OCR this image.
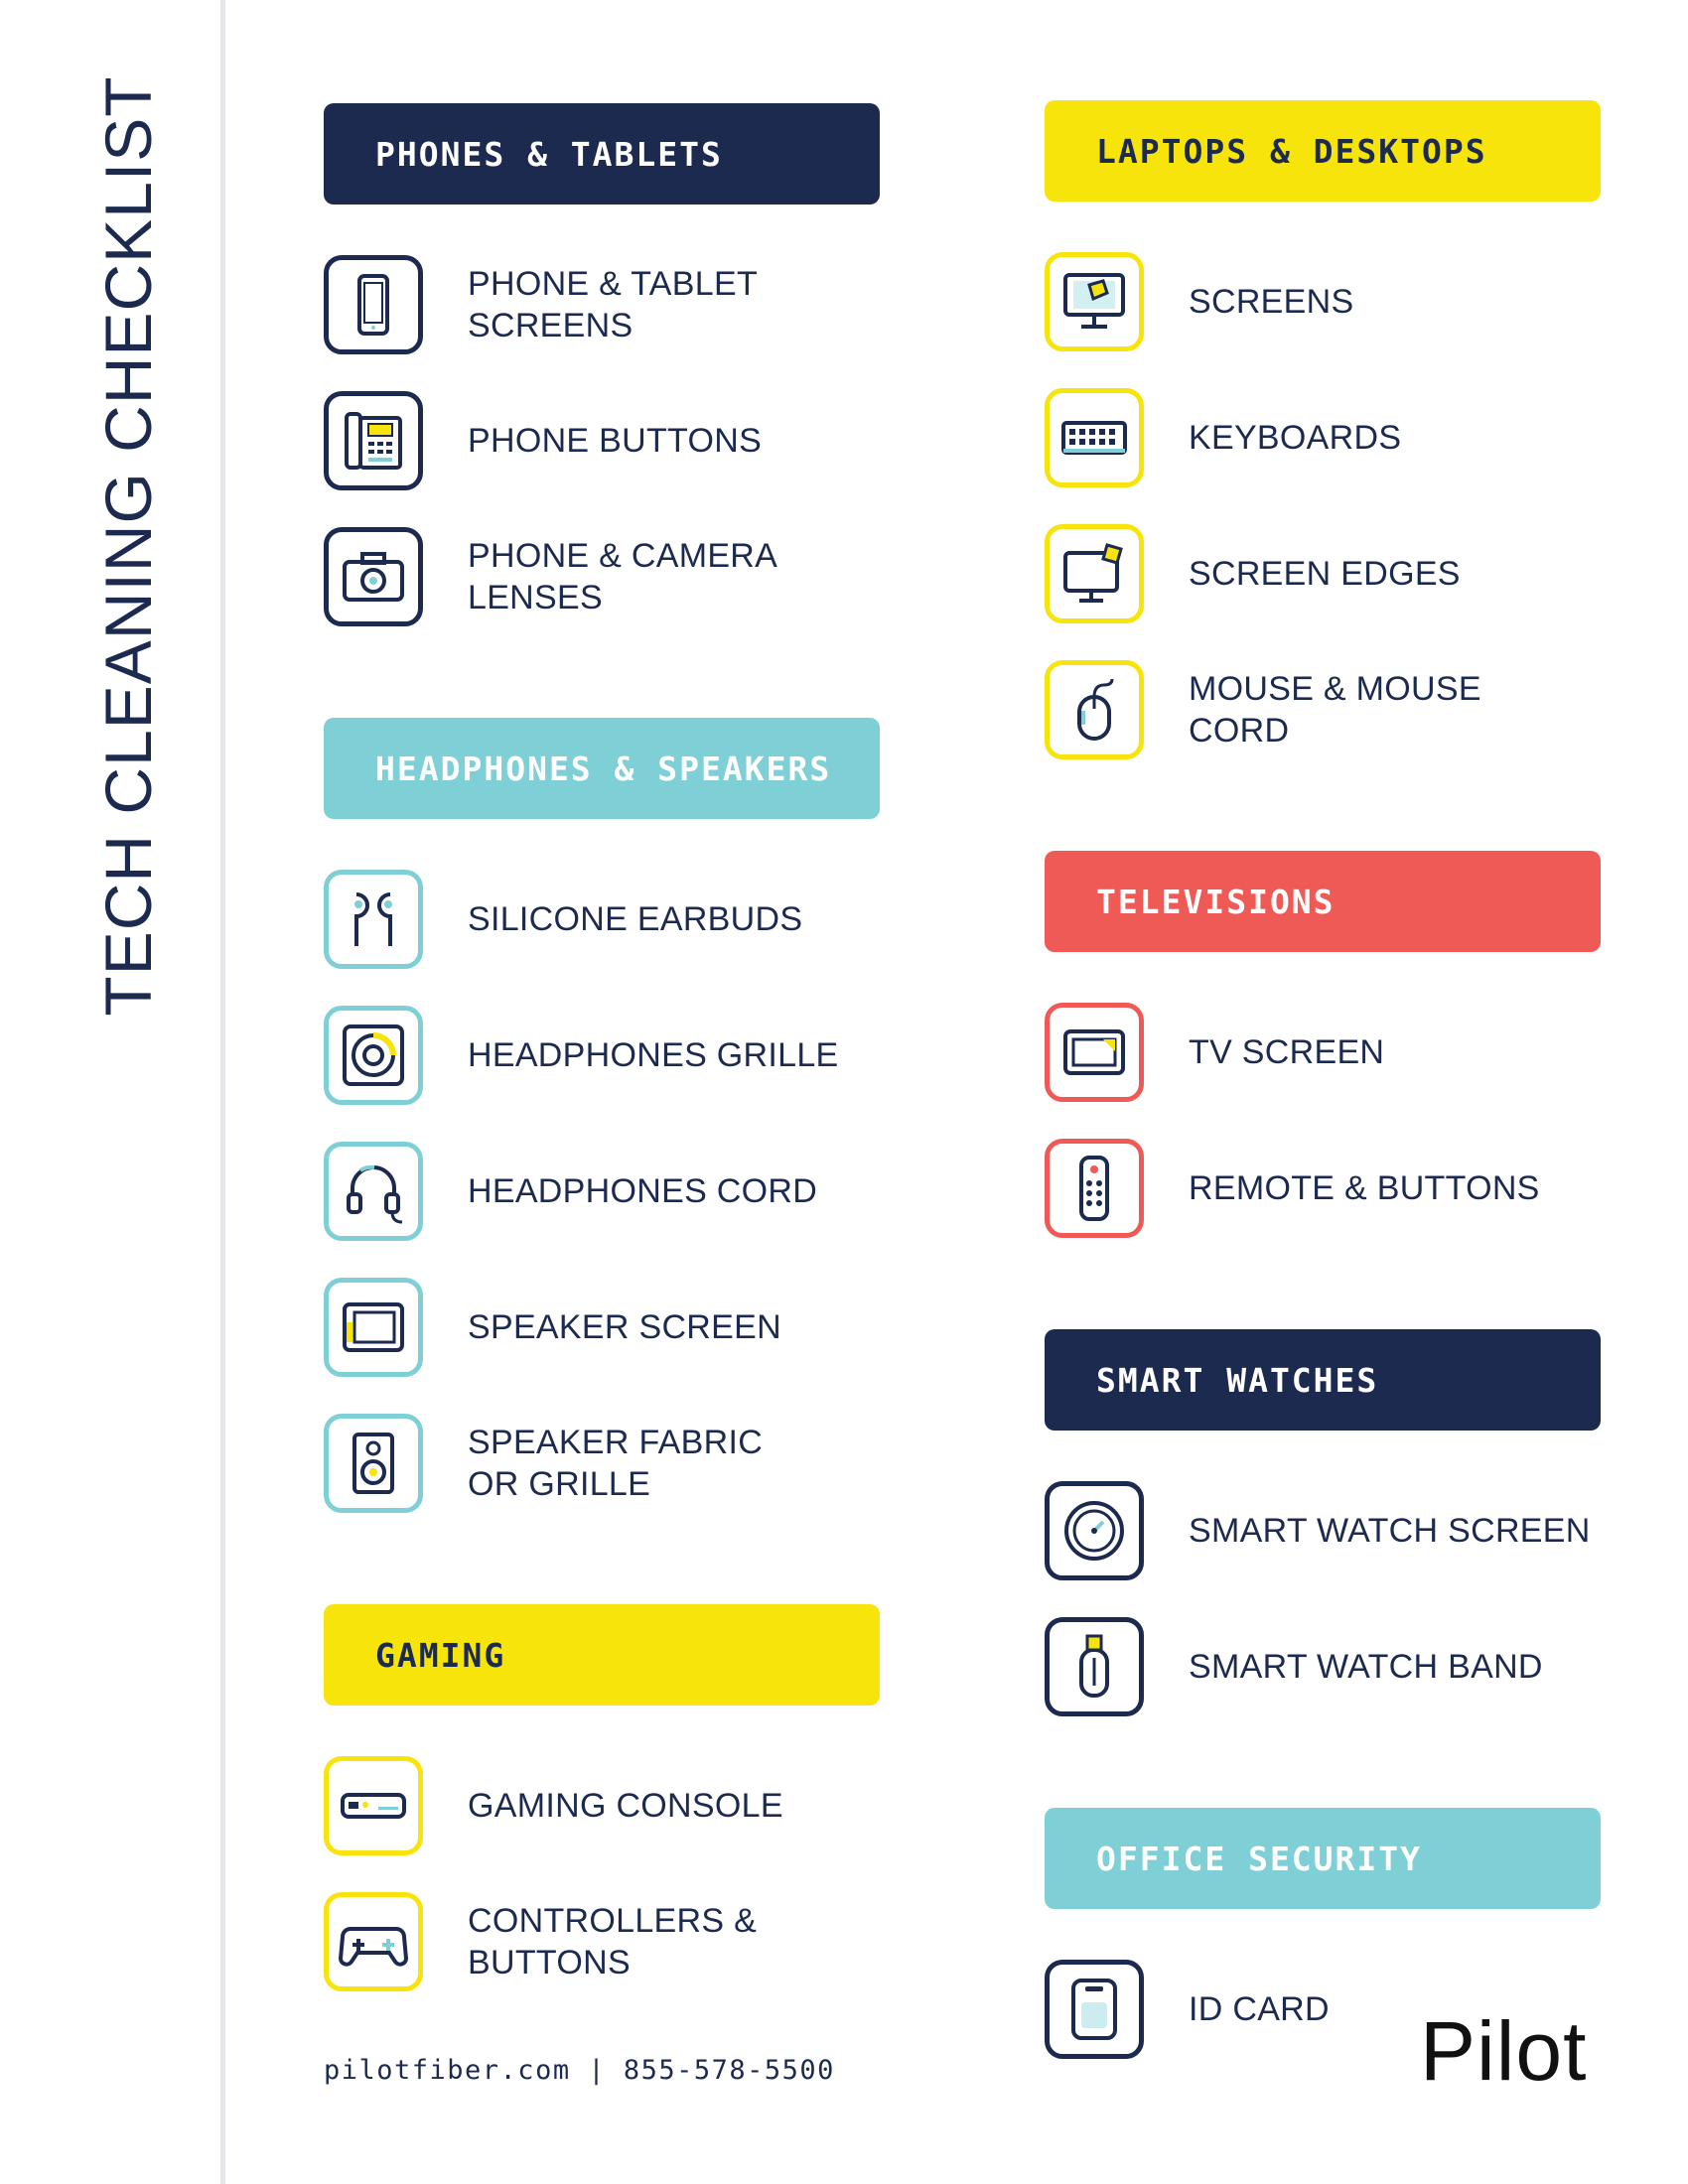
TECH CLEANING CHECKLIST	PHONES & TABLETS
PHONE & TABLET
SCREENS
PHONE BUTTONS
PHONE & CAMERA
LENSES
HEADPHONES & SPEAKERS
SILICONE EARBUDS
HEADPHONES GRILLE
HEADPHONES CORD
SPEAKER SCREEN
SPEAKER FABRIC
OR GRILLE
GAMING
GAMING CONSOLE
CONTROLLERS &
BUTTONS
LAPTOPS & DESKTOPS
SCREENS
KEYBOARDS
SCREEN EDGES
MOUSE & MOUSE
CORD
TELEVISIONS
TV SCREEN
REMOTE & BUTTONS
SMART WATCHES
SMART WATCH SCREEN
SMART WATCH BAND
OFFICE SECURITY
ID CARD
pilotfiber.com | 855-578-5500	Pilot
